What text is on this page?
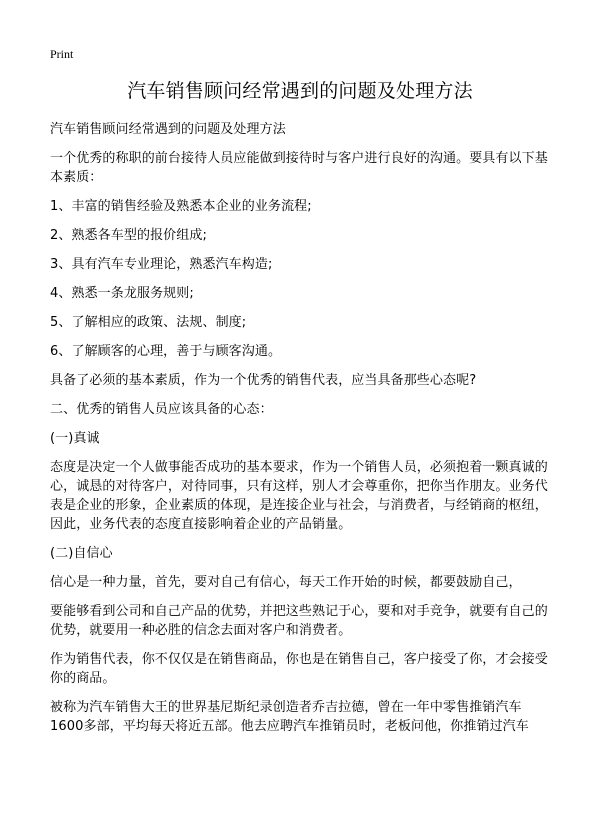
Print
汽车销售顾问经常遇到的问题及处理方法

汽车销售顾问经常遇到的问题及处理方法

一个优秀的称职的前台接待人员应能做到接待时与客户进行良好的沟通。要具有以下基本素质：

1、丰富的销售经验及熟悉本企业的业务流程;

2、熟悉各车型的报价组成;

3、具有汽车专业理论，熟悉汽车构造;

4、熟悉一条龙服务规则;

5、了解相应的政策、法规、制度;

6、了解顾客的心理，善于与顾客沟通。

具备了必须的基本素质，作为一个优秀的销售代表，应当具备那些心态呢?

二、优秀的销售人员应该具备的心态：

(一)真诚

态度是决定一个人做事能否成功的基本要求，作为一个销售人员，必须抱着一颗真诚的心，诚恳的对待客户，对待同事，只有这样，别人才会尊重你，把你当作朋友。业务代表是企业的形象，企业素质的体现，是连接企业与社会，与消费者，与经销商的枢纽，因此，业务代表的态度直接影响着企业的产品销量。

(二)自信心

信心是一种力量，首先，要对自己有信心，每天工作开始的时候，都要鼓励自己，

要能够看到公司和自己产品的优势，并把这些熟记于心，要和对手竞争，就要有自己的优势，就要用一种必胜的信念去面对客户和消费者。

作为销售代表，你不仅仅是在销售商品，你也是在销售自己，客户接受了你，才会接受你的商品。

被称为汽车销售大王的世界基尼斯纪录创造者乔吉拉德，曾在一年中零售推销汽车1600多部，平均每天将近五部。他去应聘汽车推销员时，老板问他，你推销过汽车
